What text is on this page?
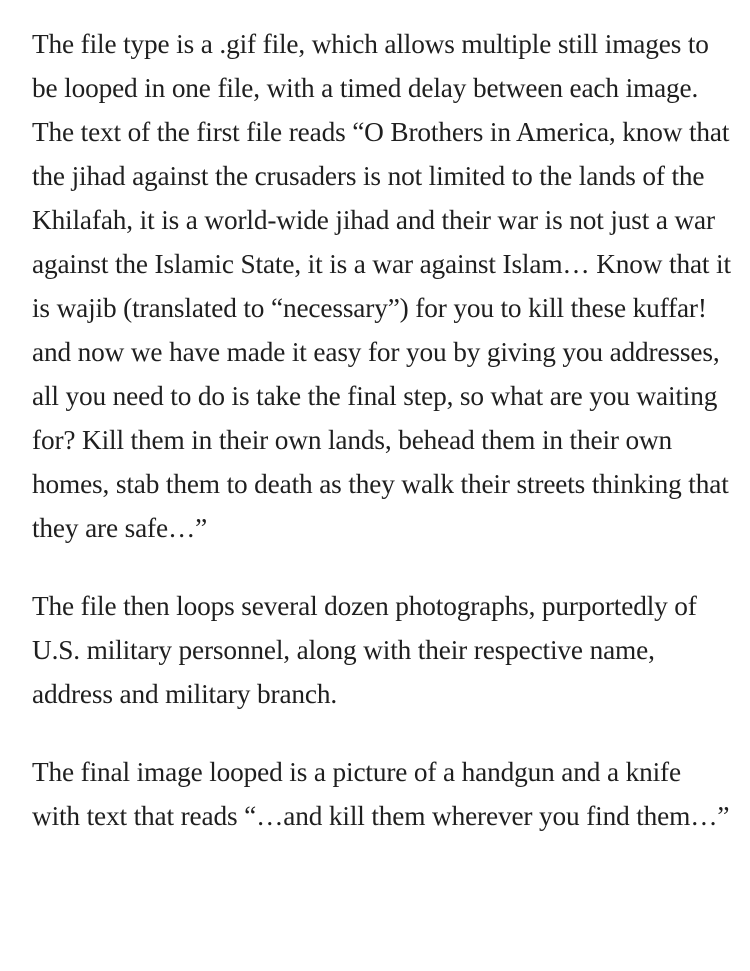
The file type is a .gif file, which allows multiple still images to be looped in one file, with a timed delay between each image. The text of the first file reads “O Brothers in America, know that the jihad against the crusaders is not limited to the lands of the Khilafah, it is a world-wide jihad and their war is not just a war against the Islamic State, it is a war against Islam… Know that it is wajib (translated to “necessary”) for you to kill these kuffar! and now we have made it easy for you by giving you addresses, all you need to do is take the final step, so what are you waiting for? Kill them in their own lands, behead them in their own homes, stab them to death as they walk their streets thinking that they are safe…”

The file then loops several dozen photographs, purportedly of U.S. military personnel, along with their respective name, address and military branch.

The final image looped is a picture of a handgun and a knife with text that reads “…and kill them wherever you find them…”
